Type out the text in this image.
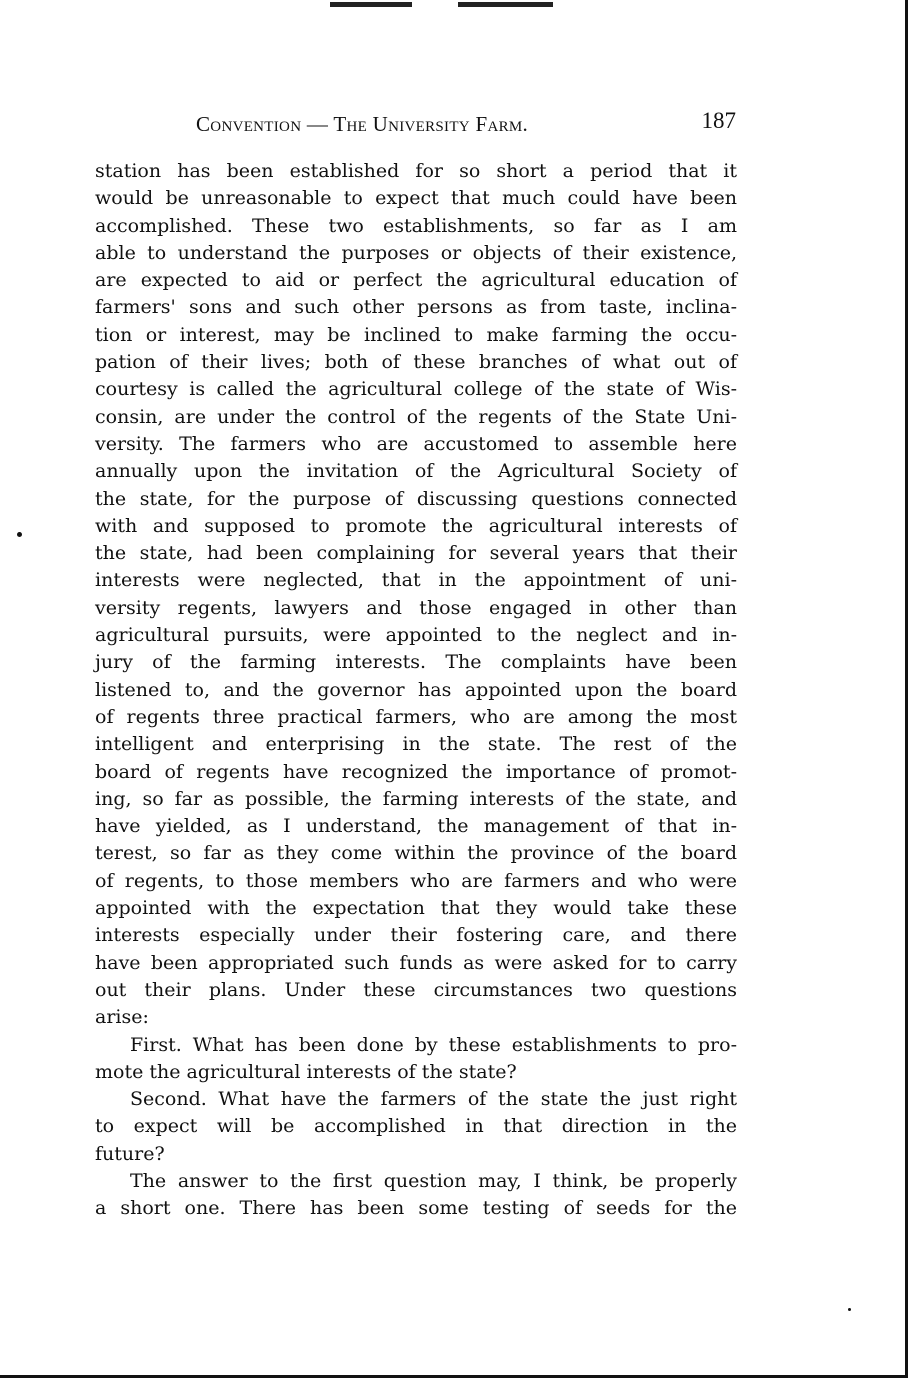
Convention — The University Farm.	187
station has been established for so short a period that it
would be unreasonable to expect that much could have been
accomplished. These two establishments, so far as I am
able to understand the purposes or objects of their existence,
are expected to aid or perfect the agricultural education of
farmers' sons and such other persons as from taste, inclina-
tion or interest, may be inclined to make farming the occu-
pation of their lives; both of these branches of what out of
courtesy is called the agricultural college of the state of Wis-
consin, are under the control of the regents of the State Uni-
versity. The farmers who are accustomed to assemble here
annually upon the invitation of the Agricultural Society of
the state, for the purpose of discussing questions connected
with and supposed to promote the agricultural interests of
the state, had been complaining for several years that their
interests were neglected, that in the appointment of uni-
versity regents, lawyers and those engaged in other than
agricultural pursuits, were appointed to the neglect and in-
jury of the farming interests. The complaints have been
listened to, and the governor has appointed upon the board
of regents three practical farmers, who are among the most
intelligent and enterprising in the state. The rest of the
board of regents have recognized the importance of promot-
ing, so far as possible, the farming interests of the state, and
have yielded, as I understand, the management of that in-
terest, so far as they come within the province of the board
of regents, to those members who are farmers and who were
appointed with the expectation that they would take these
interests especially under their fostering care, and there
have been appropriated such funds as were asked for to carry
out their plans. Under these circumstances two questions
arise:
First. What has been done by these establishments to pro-
mote the agricultural interests of the state?
Second. What have the farmers of the state the just right
to expect will be accomplished in that direction in the
future?
The answer to the first question may, I think, be properly
a short one. There has been some testing of seeds for the
